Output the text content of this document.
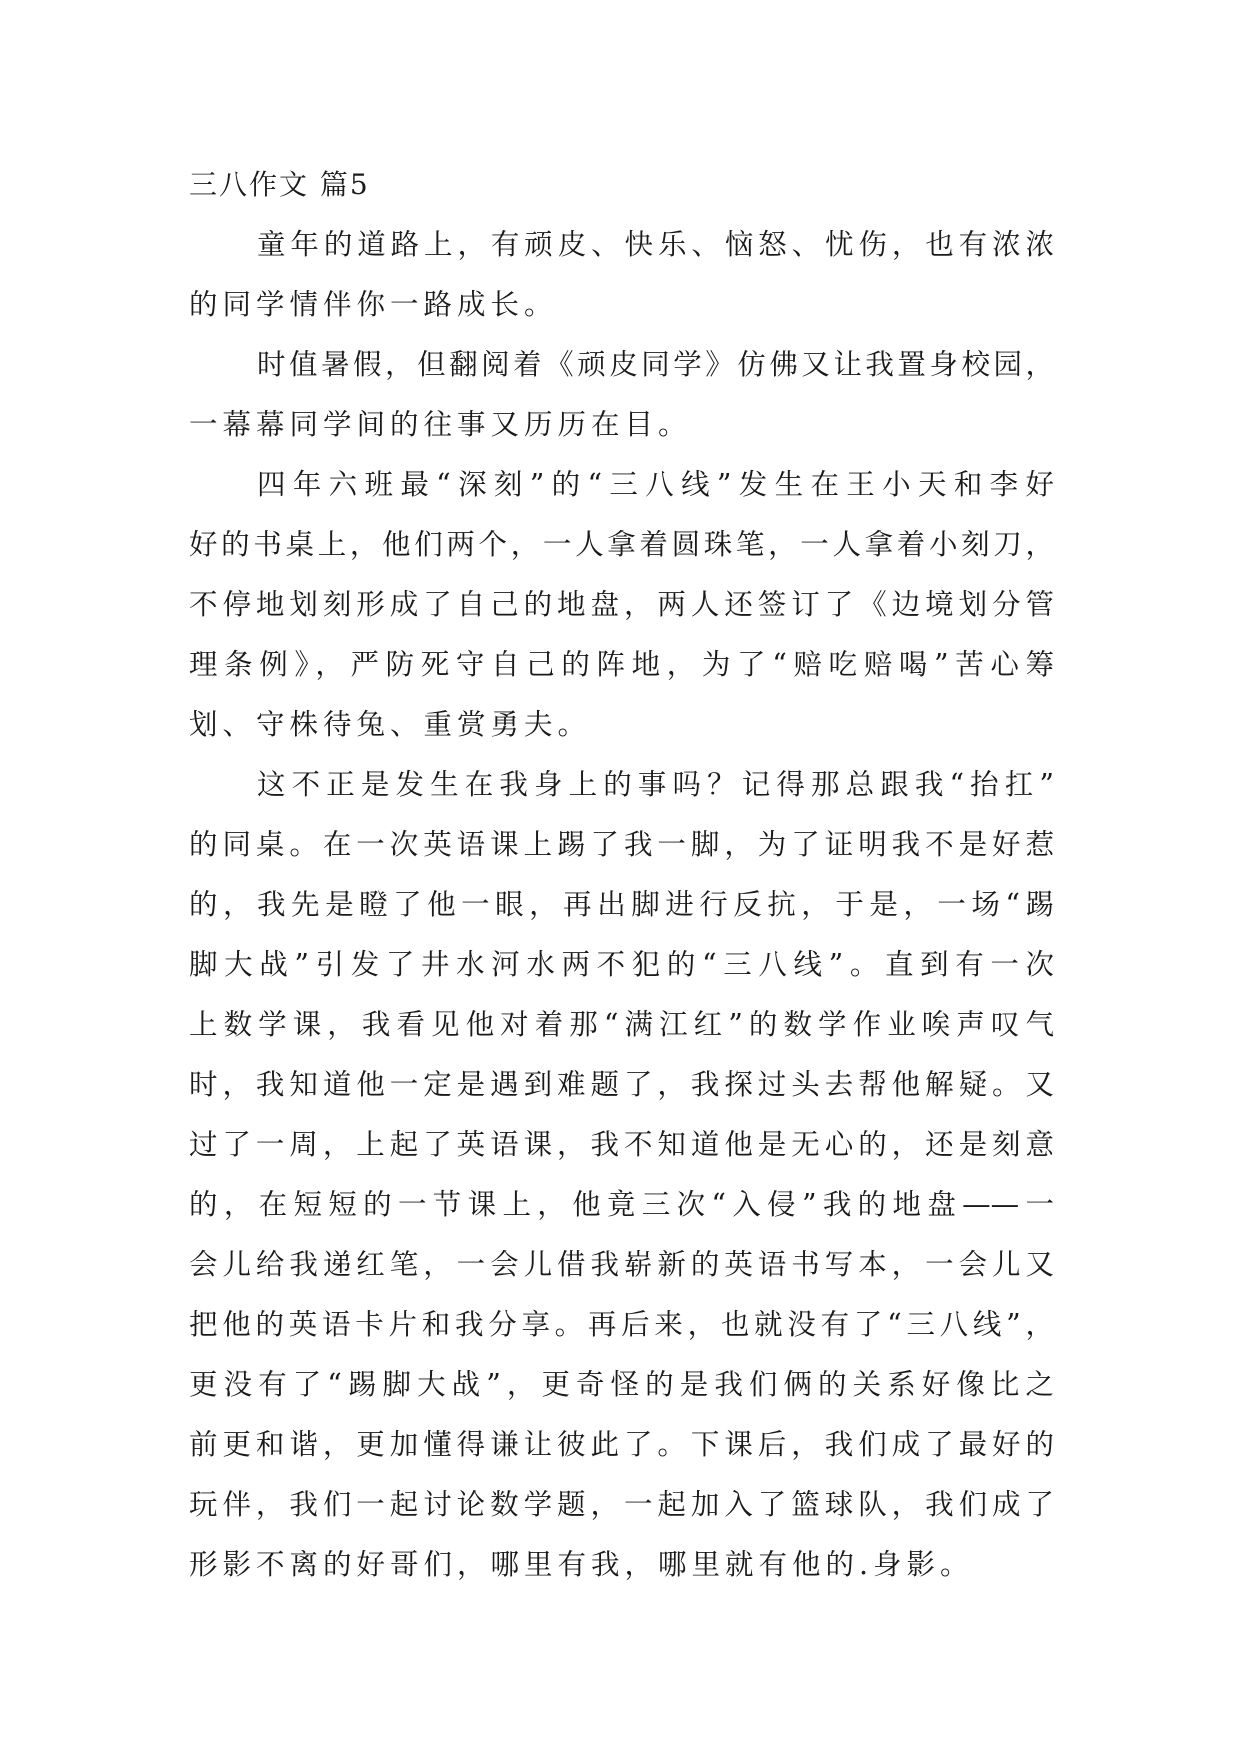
三八作文 篇5
童年的道路上，有顽皮、快乐、恼怒、忧伤，也有浓浓
的同学情伴你一路成长。
时值暑假，但翻阅着《顽皮同学》仿佛又让我置身校园，
一幕幕同学间的往事又历历在目。
四年六班最“深刻”的“三八线”发生在王小天和李好
好的书桌上，他们两个，一人拿着圆珠笔，一人拿着小刻刀，
不停地划刻形成了自己的地盘，两人还签订了《边境划分管
理条例》，严防死守自己的阵地，为了“赔吃赔喝”苦心筹
划、守株待兔、重赏勇夫。
这不正是发生在我身上的事吗？记得那总跟我“抬扛”
的同桌。在一次英语课上踢了我一脚，为了证明我不是好惹
的，我先是瞪了他一眼，再出脚进行反抗，于是，一场“踢
脚大战”引发了井水河水两不犯的“三八线”。直到有一次
上数学课，我看见他对着那“满江红”的数学作业唉声叹气
时，我知道他一定是遇到难题了，我探过头去帮他解疑。又
过了一周，上起了英语课，我不知道他是无心的，还是刻意
的，在短短的一节课上，他竟三次“入侵”我的地盘——一
会儿给我递红笔，一会儿借我崭新的英语书写本，一会儿又
把他的英语卡片和我分享。再后来，也就没有了“三八线”，
更没有了“踢脚大战”，更奇怪的是我们俩的关系好像比之
前更和谐，更加懂得谦让彼此了。下课后，我们成了最好的
玩伴，我们一起讨论数学题，一起加入了篮球队，我们成了
形影不离的好哥们，哪里有我，哪里就有他的.身影。
